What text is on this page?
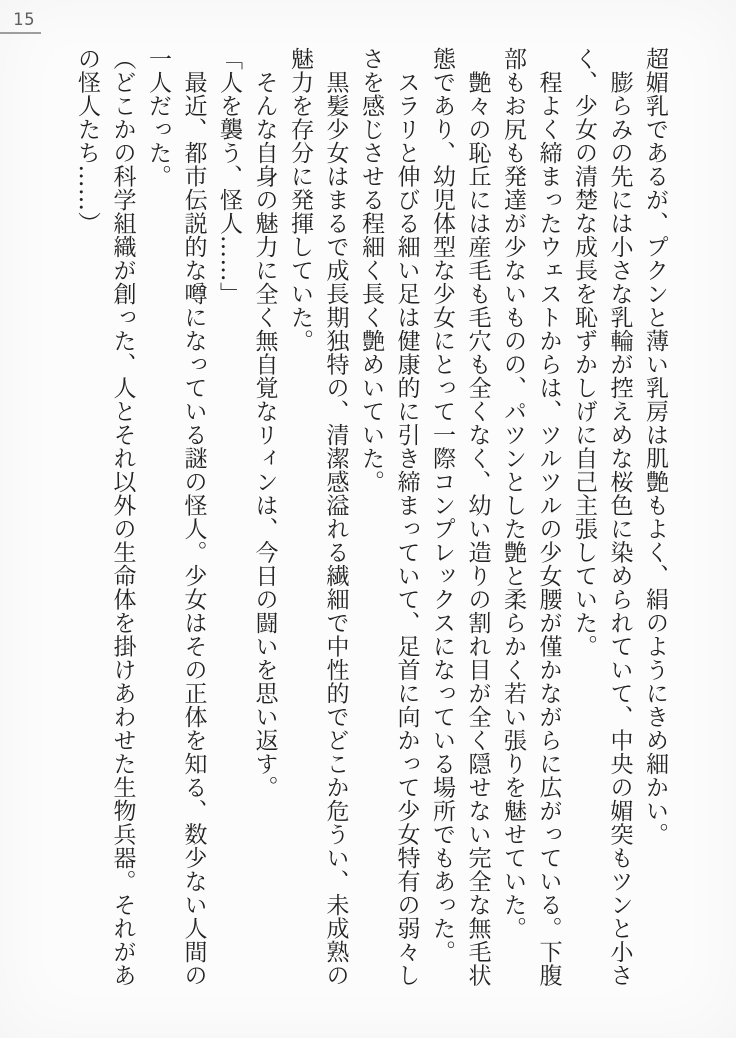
15

超媚乳であるが、プクンと薄い乳房は肌艶もよく、絹のようにきめ細かい。

　膨らみの先には小さな乳輪が控えめな桜色に染められていて、中央の媚突もツンと小さく、少女の清楚な成長を恥ずかしげに自己主張していた。

　程よく締まったウェストからは、ツルツルの少女腰が僅かながらに広がっている。下腹部もお尻も発達が少ないものの、パツンとした艶と柔らかく若い張りを魅せていた。

　艶々の恥丘には産毛も毛穴も全くなく、幼い造りの割れ目が全く隠せない完全な無毛状態であり、幼児体型な少女にとって一際コンプレックスになっている場所でもあった。

　スラリと伸びる細い足は健康的に引き締まっていて、足首に向かって少女特有の弱々しさを感じさせる程細く長く艶めいていた。

　黒髪少女はまるで成長期独特の、清潔感溢れる繊細で中性的でどこか危うい、未成熟の魅力を存分に発揮していた。

　そんな自身の魅力に全く無自覚なリィンは、今日の闘いを思い返す。

「人を襲う、怪人……」

　最近、都市伝説的な噂になっている謎の怪人。少女はその正体を知る、数少ない人間の一人だった。

（どこかの科学組織が創った、人とそれ以外の生命体を掛けあわせた生物兵器。それがあの怪人たち……）
